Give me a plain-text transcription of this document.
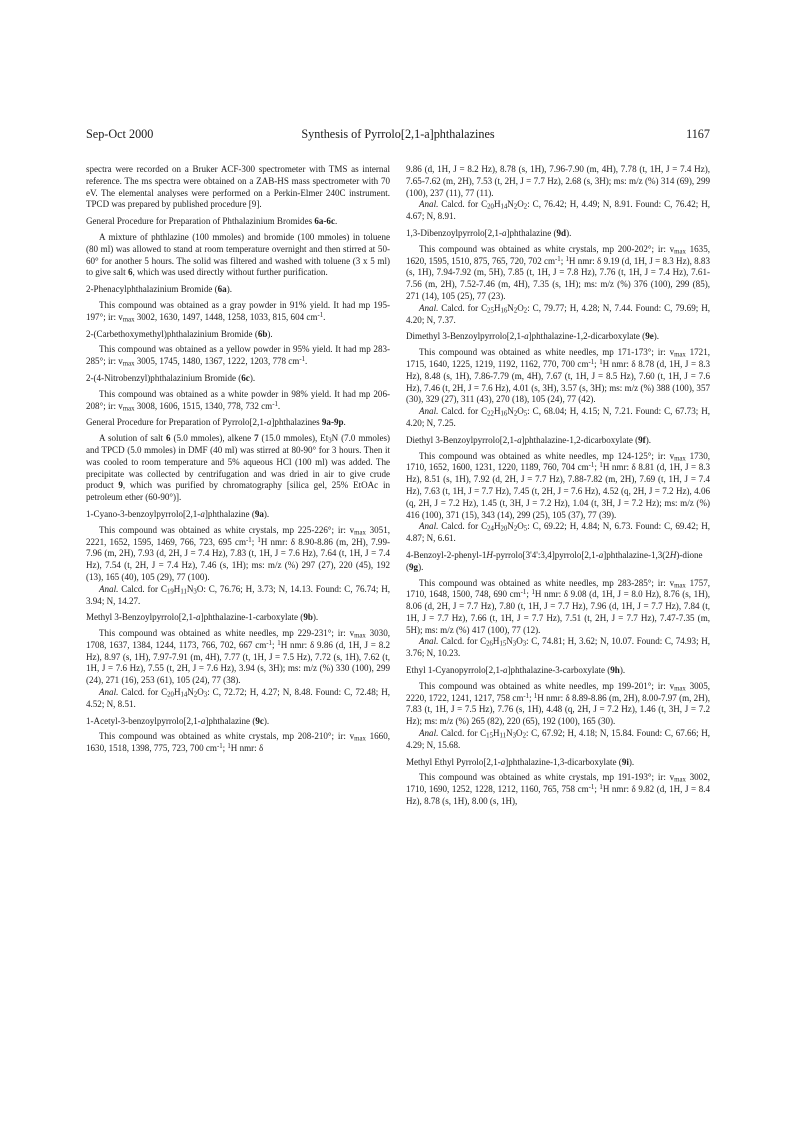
Sep-Oct 2000	Synthesis of Pyrrolo[2,1-a]phthalazines	1167

spectra were recorded on a Bruker ACF-300 spectrometer with TMS as internal reference. The ms spectra were obtained on a ZAB-HS mass spectrometer with 70 eV. The elemental analyses were performed on a Perkin-Elmer 240C instrument. TPCD was prepared by published procedure [9].

General Procedure for Preparation of Phthalazinium Bromides 6a-6c.

A mixture of phthlazine (100 mmoles) and bromide (100 mmoles) in toluene (80 ml) was allowed to stand at room temperature overnight and then stirred at 50-60° for another 5 hours. The solid was filtered and washed with toluene (3 x 5 ml) to give salt 6, which was used directly without further purification.

2-Phenacylphthalazinium Bromide (6a).

This compound was obtained as a gray powder in 91% yield. It had mp 195-197°; ir: $v_{max}$ 3002, 1630, 1497, 1448, 1258, 1033, 815, 604 $cm^{-1}$.

2-(Carbethoxymethyl)phthalazinium Bromide (6b).

This compound was obtained as a yellow powder in 95% yield. It had mp 283-285°; ir: $v_{max}$ 3005, 1745, 1480, 1367, 1222, 1203, 778 $cm^{-1}$.

2-(4-Nitrobenzyl)phthalazinium Bromide (6c).

This compound was obtained as a white powder in 98% yield. It had mp 206-208°; ir: $v_{max}$ 3008, 1606, 1515, 1340, 778, 732 $cm^{-1}$.

General Procedure for Preparation of Pyrrolo[2,1-a]phthalazines 9a-9p.

A solution of salt 6 (5.0 mmoles), alkene 7 (15.0 mmoles), $Et_3N$ (7.0 mmoles) and TPCD (5.0 mmoles) in DMF (40 ml) was stirred at 80-90° for 3 hours. Then it was cooled to room temperature and 5% aqueous HCl (100 ml) was added. The precipitate was collected by centrifugation and was dried in air to give crude product 9, which was purified by chromatography [silica gel, 25% EtOAc in petroleum ether (60-90°)].

1-Cyano-3-benzoylpyrrolo[2,1-a]phthalazine (9a).

This compound was obtained as white crystals, mp 225-226°; ir: $v_{max}$ 3051, 2221, 1652, 1595, 1469, 766, 723, 695 $cm^{-1}$; $^1$H nmr: δ 8.90-8.86 (m, 2H), 7.99-7.96 (m, 2H), 7.93 (d, 2H, J = 7.4 Hz), 7.83 (t, 1H, J = 7.6 Hz), 7.64 (t, 1H, J = 7.4 Hz), 7.54 (t, 2H, J = 7.4 Hz), 7.46 (s, 1H); ms: m/z (%) 297 (27), 220 (45), 192 (13), 165 (40), 105 (29), 77 (100).

Anal. Calcd. for $C_{19}H_{11}N_3O$: C, 76.76; H, 3.73; N, 14.13. Found: C, 76.74; H, 3.94; N, 14.27.

Methyl 3-Benzoylpyrrolo[2,1-a]phthalazine-1-carboxylate (9b).

This compound was obtained as white needles, mp 229-231°; ir: $v_{max}$ 3030, 1708, 1637, 1384, 1244, 1173, 766, 702, 667 $cm^{-1}$; $^1$H nmr: δ 9.86 (d, 1H, J = 8.2 Hz), 8.97 (s, 1H), 7.97-7.91 (m, 4H), 7.77 (t, 1H, J = 7.5 Hz), 7.72 (s, 1H), 7.62 (t, 1H, J = 7.6 Hz), 7.55 (t, 2H, J = 7.6 Hz), 3.94 (s, 3H); ms: m/z (%) 330 (100), 299 (24), 271 (16), 253 (61), 105 (24), 77 (38).

Anal. Calcd. for $C_{20}H_{14}N_2O_3$: C, 72.72; H, 4.27; N, 8.48. Found: C, 72.48; H, 4.52; N, 8.51.

1-Acetyl-3-benzoylpyrrolo[2,1-a]phthalazine (9c).

This compound was obtained as white crystals, mp 208-210°; ir: $v_{max}$ 1660, 1630, 1518, 1398, 775, 723, 700 $cm^{-1}$; $^1$H nmr: δ

9.86 (d, 1H, J = 8.2 Hz), 8.78 (s, 1H), 7.96-7.90 (m, 4H), 7.78 (t, 1H, J = 7.4 Hz), 7.65-7.62 (m, 2H), 7.53 (t, 2H, J = 7.7 Hz), 2.68 (s, 3H); ms: m/z (%) 314 (69), 299 (100), 237 (11), 77 (11).

Anal. Calcd. for $C_{20}H_{14}N_2O_2$: C, 76.42; H, 4.49; N, 8.91. Found: C, 76.42; H, 4.67; N, 8.91.

1,3-Dibenzoylpyrrolo[2,1-a]phthalazine (9d).

This compound was obtained as white crystals, mp 200-202°; ir: $v_{max}$ 1635, 1620, 1595, 1510, 875, 765, 720, 702 $cm^{-1}$; $^1$H nmr: δ 9.19 (d, 1H, J = 8.3 Hz), 8.83 (s, 1H), 7.94-7.92 (m, 5H), 7.85 (t, 1H, J = 7.8 Hz), 7.76 (t, 1H, J = 7.4 Hz), 7.61-7.56 (m, 2H), 7.52-7.46 (m, 4H), 7.35 (s, 1H); ms: m/z (%) 376 (100), 299 (85), 271 (14), 105 (25), 77 (23).

Anal. Calcd. for $C_{25}H_{16}N_2O_2$: C, 79.77; H, 4.28; N, 7.44. Found: C, 79.69; H, 4.20; N, 7.37.

Dimethyl 3-Benzoylpyrrolo[2,1-a]phthalazine-1,2-dicarboxylate (9e).

This compound was obtained as white needles, mp 171-173°; ir: $v_{max}$ 1721, 1715, 1640, 1225, 1219, 1192, 1162, 770, 700 $cm^{-1}$; $^1$H nmr: δ 8.78 (d, 1H, J = 8.3 Hz), 8.48 (s, 1H), 7.86-7.79 (m, 4H), 7.67 (t, 1H, J = 8.5 Hz), 7.60 (t, 1H, J = 7.6 Hz), 7.46 (t, 2H, J = 7.6 Hz), 4.01 (s, 3H), 3.57 (s, 3H); ms: m/z (%) 388 (100), 357 (30), 329 (27), 311 (43), 270 (18), 105 (24), 77 (42).

Anal. Calcd. for $C_{22}H_{16}N_2O_5$: C, 68.04; H, 4.15; N, 7.21. Found: C, 67.73; H, 4.20; N, 7.25.

Diethyl 3-Benzoylpyrrolo[2,1-a]phthalazine-1,2-dicarboxylate (9f).

This compound was obtained as white needles, mp 124-125°; ir: $v_{max}$ 1730, 1710, 1652, 1600, 1231, 1220, 1189, 760, 704 $cm^{-1}$; $^1$H nmr: δ 8.81 (d, 1H, J = 8.3 Hz), 8.51 (s, 1H), 7.92 (d, 2H, J = 7.7 Hz), 7.88-7.82 (m, 2H), 7.69 (t, 1H, J = 7.4 Hz), 7.63 (t, 1H, J = 7.7 Hz), 7.45 (t, 2H, J = 7.6 Hz), 4.52 (q, 2H, J = 7.2 Hz), 4.06 (q, 2H, J = 7.2 Hz), 1.45 (t, 3H, J = 7.2 Hz), 1.04 (t, 3H, J = 7.2 Hz); ms: m/z (%) 416 (100), 371 (15), 343 (14), 299 (25), 105 (37), 77 (39).

Anal. Calcd. for $C_{24}H_{20}N_2O_5$: C, 69.22; H, 4.84; N, 6.73. Found: C, 69.42; H, 4.87; N, 6.61.

4-Benzoyl-2-phenyl-1H-pyrrolo[3'4':3,4]pyrrolo[2,1-a]phthalazine-1,3(2H)-dione (9g).

This compound was obtained as white needles, mp 283-285°; ir: $v_{max}$ 1757, 1710, 1648, 1500, 748, 690 $cm^{-1}$; $^1$H nmr: δ 9.08 (d, 1H, J = 8.0 Hz), 8.76 (s, 1H), 8.06 (d, 2H, J = 7.7 Hz), 7.80 (t, 1H, J = 7.7 Hz), 7.96 (d, 1H, J = 7.7 Hz), 7.84 (t, 1H, J = 7.7 Hz), 7.66 (t, 1H, J = 7.7 Hz), 7.51 (t, 2H, J = 7.7 Hz), 7.47-7.35 (m, 5H); ms: m/z (%) 417 (100), 77 (12).

Anal. Calcd. for $C_{26}H_{15}N_3O_3$: C, 74.81; H, 3.62; N, 10.07. Found: C, 74.93; H, 3.76; N, 10.23.

Ethyl 1-Cyanopyrrolo[2,1-a]phthalazine-3-carboxylate (9h).

This compound was obtained as white needles, mp 199-201°; ir: $v_{max}$ 3005, 2220, 1722, 1241, 1217, 758 $cm^{-1}$; $^1$H nmr: δ 8.89-8.86 (m, 2H), 8.00-7.97 (m, 2H), 7.83 (t, 1H, J = 7.5 Hz), 7.76 (s, 1H), 4.48 (q, 2H, J = 7.2 Hz), 1.46 (t, 3H, J = 7.2 Hz); ms: m/z (%) 265 (82), 220 (65), 192 (100), 165 (30).

Anal. Calcd. for $C_{15}H_{11}N_3O_2$: C, 67.92; H, 4.18; N, 15.84. Found: C, 67.66; H, 4.29; N, 15.68.

Methyl Ethyl Pyrrolo[2,1-a]phthalazine-1,3-dicarboxylate (9i).

This compound was obtained as white crystals, mp 191-193°; ir: $v_{max}$ 3002, 1710, 1690, 1252, 1228, 1212, 1160, 765, 758 $cm^{-1}$; $^1$H nmr: δ 9.82 (d, 1H, J = 8.4 Hz), 8.78 (s, 1H), 8.00 (s, 1H),
